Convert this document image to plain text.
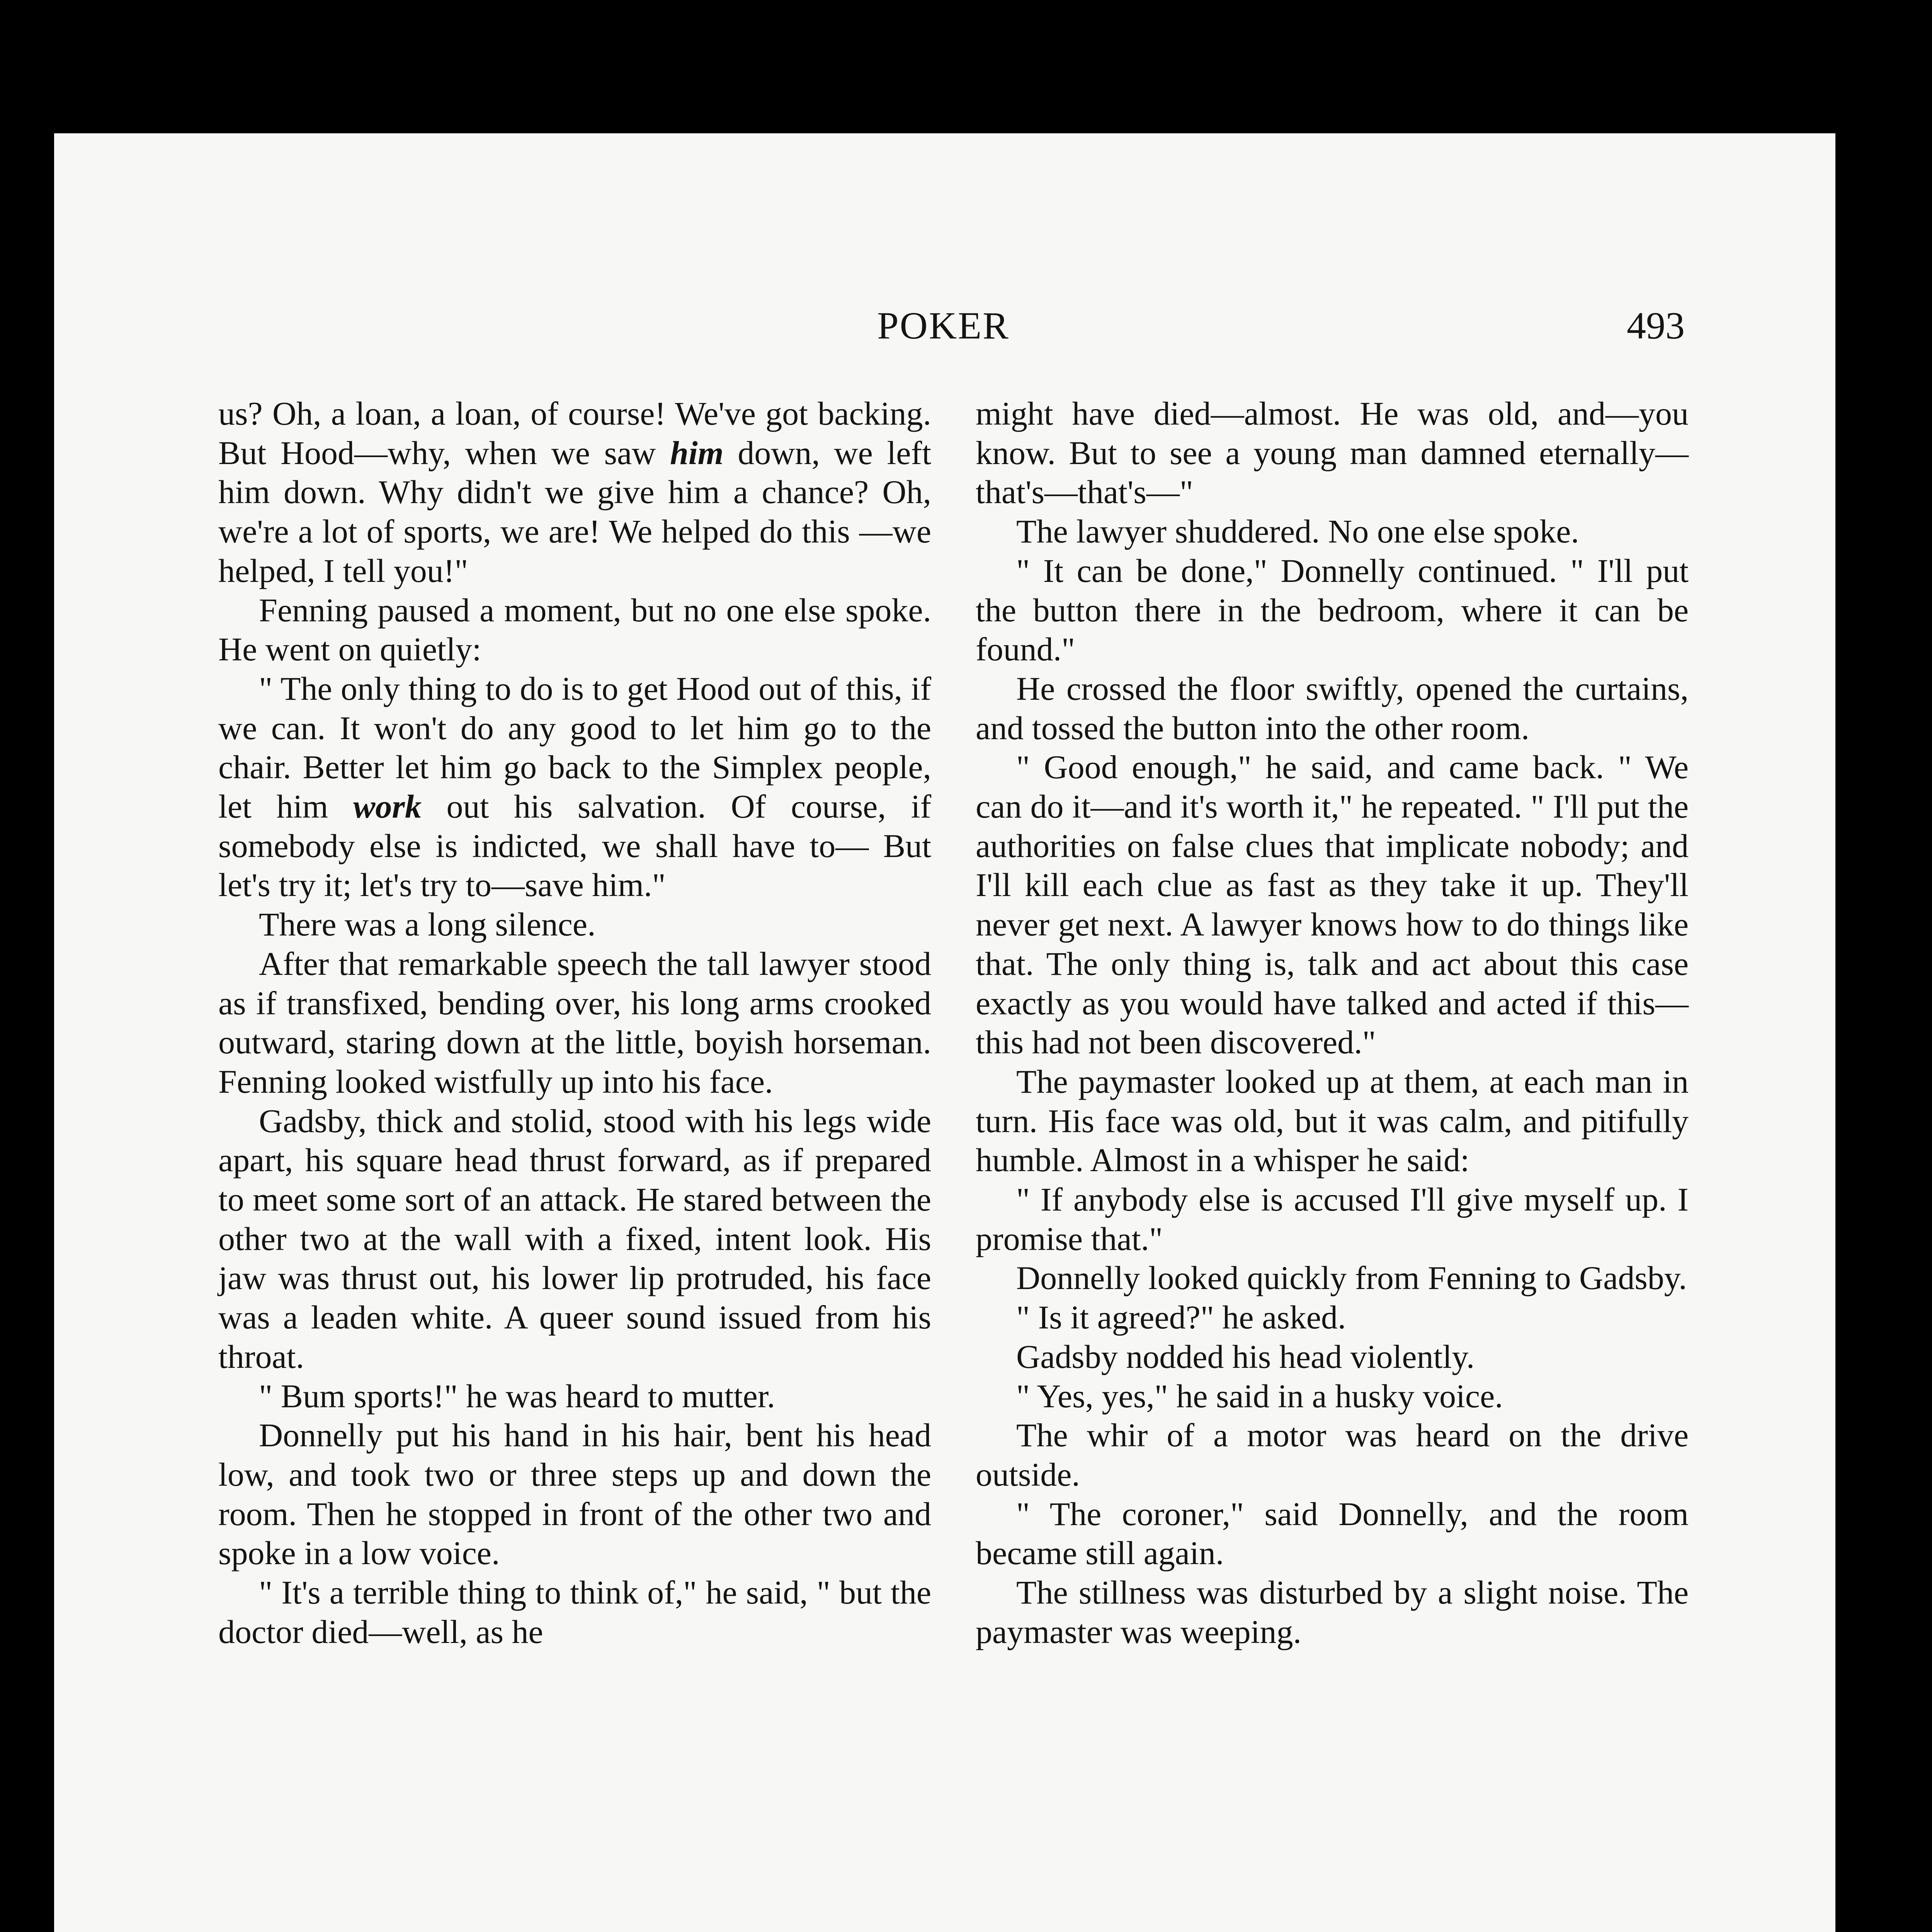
POKER	493

us? Oh, a loan, a loan, of course! We've got backing. But Hood—why, when we saw him down, we left him down. Why didn't we give him a chance? Oh, we're a lot of sports, we are! We helped do this —we helped, I tell you!"

Fenning paused a moment, but no one else spoke. He went on quietly:

" The only thing to do is to get Hood out of this, if we can. It won't do any good to let him go to the chair. Better let him go back to the Simplex people, let him work out his salvation. Of course, if somebody else is indicted, we shall have to— But let's try it; let's try to—save him."

There was a long silence.

After that remarkable speech the tall lawyer stood as if transfixed, bending over, his long arms crooked outward, staring down at the little, boyish horseman. Fenning looked wistfully up into his face.

Gadsby, thick and stolid, stood with his legs wide apart, his square head thrust forward, as if prepared to meet some sort of an attack. He stared between the other two at the wall with a fixed, intent look. His jaw was thrust out, his lower lip protruded, his face was a leaden white. A queer sound issued from his throat.

" Bum sports!" he was heard to mutter.

Donnelly put his hand in his hair, bent his head low, and took two or three steps up and down the room. Then he stopped in front of the other two and spoke in a low voice.

" It's a terrible thing to think of," he said, " but the doctor died—well, as he

might have died—almost. He was old, and—you know. But to see a young man damned eternally—that's—that's—"

The lawyer shuddered. No one else spoke.

" It can be done," Donnelly continued. " I'll put the button there in the bedroom, where it can be found."

He crossed the floor swiftly, opened the curtains, and tossed the button into the other room.

" Good enough," he said, and came back. " We can do it—and it's worth it," he repeated. " I'll put the authorities on false clues that implicate nobody; and I'll kill each clue as fast as they take it up. They'll never get next. A lawyer knows how to do things like that. The only thing is, talk and act about this case exactly as you would have talked and acted if this—this had not been discovered."

The paymaster looked up at them, at each man in turn. His face was old, but it was calm, and pitifully humble. Almost in a whisper he said:

" If anybody else is accused I'll give myself up. I promise that."

Donnelly looked quickly from Fenning to Gadsby.

" Is it agreed?" he asked.

Gadsby nodded his head violently.

" Yes, yes," he said in a husky voice.

The whir of a motor was heard on the drive outside.

" The coroner," said Donnelly, and the room became still again.

The stillness was disturbed by a slight noise. The paymaster was weeping.
